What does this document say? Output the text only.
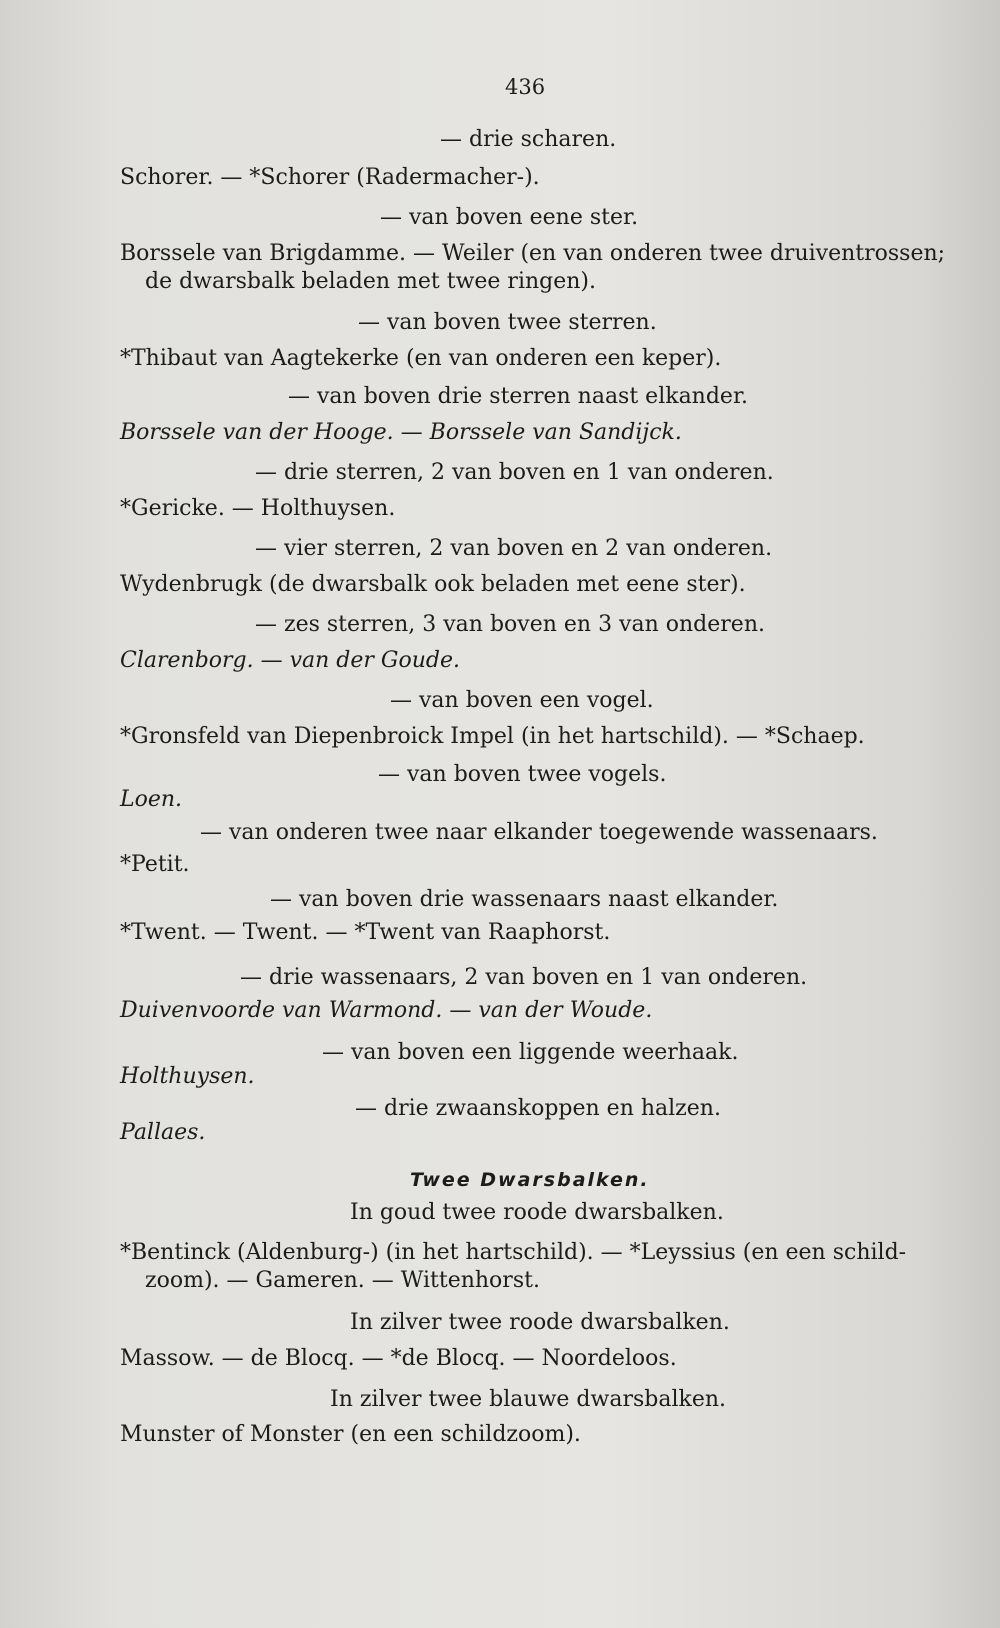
436
— drie scharen.
Schorer. — *Schorer (Radermacher-).
— van boven eene ster.
Borssele van Brigdamme. — Weiler (en van onderen twee druiventrossen;
de dwarsbalk beladen met twee ringen).
— van boven twee sterren.
*Thibaut van Aagtekerke (en van onderen een keper).
— van boven drie sterren naast elkander.
Borssele van der Hooge. — Borssele van Sandijck.
— drie sterren, 2 van boven en 1 van onderen.
*Gericke. — Holthuysen.
— vier sterren, 2 van boven en 2 van onderen.
Wydenbrugk (de dwarsbalk ook beladen met eene ster).
— zes sterren, 3 van boven en 3 van onderen.
Clarenborg. — van der Goude.
— van boven een vogel.
*Gronsfeld van Diepenbroick Impel (in het hartschild). — *Schaep.
— van boven twee vogels.
Loen.
— van onderen twee naar elkander toegewende wassenaars.
*Petit.
— van boven drie wassenaars naast elkander.
*Twent. — Twent. — *Twent van Raaphorst.
— drie wassenaars, 2 van boven en 1 van onderen.
Duivenvoorde van Warmond. — van der Woude.
— van boven een liggende weerhaak.
Holthuysen.
— drie zwaanskoppen en halzen.
Pallaes.
Twee Dwarsbalken.
In goud twee roode dwarsbalken.
*Bentinck (Aldenburg-) (in het hartschild). — *Leyssius (en een schild-
zoom). — Gameren. — Wittenhorst.
In zilver twee roode dwarsbalken.
Massow. — de Blocq. — *de Blocq. — Noordeloos.
In zilver twee blauwe dwarsbalken.
Munster of Monster (en een schildzoom).
